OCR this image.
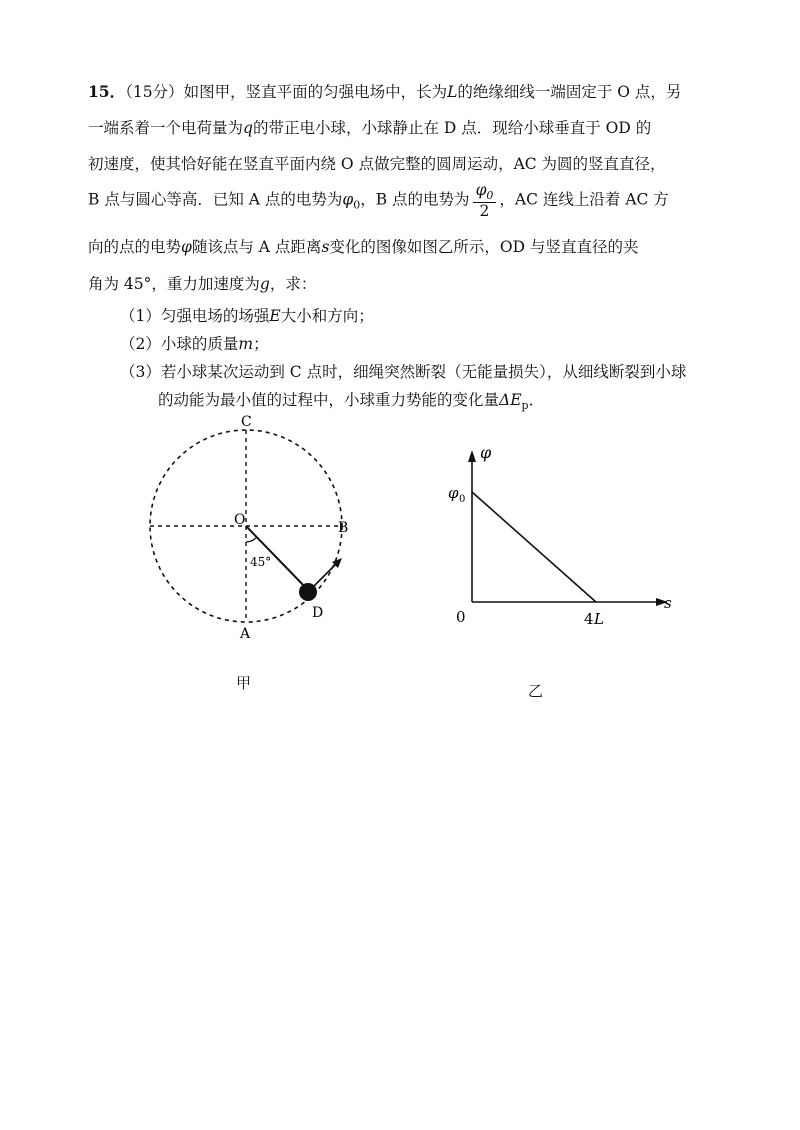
15．（15分）如图甲，竖直平面的匀强电场中，长为L的绝缘细线一端固定于 O 点，另
一端系着一个电荷量为q的带正电小球，小球静止在 D 点．现给小球垂直于 OD 的
初速度，使其恰好能在竖直平面内绕 O 点做完整的圆周运动，AC 为圆的竖直直径，
B 点与圆心等高．已知 A 点的电势为$\varphi_0$，B 点的电势为 $\frac{\varphi_0}{2}$ ，AC 连线上沿着 AC 方
向的点的电势φ随该点与 A 点距离s变化的图像如图乙所示，OD 与竖直直径的夹
角为 45°，重力加速度为g，求：
（1）匀强电场的场强E大小和方向；
（2）小球的质量m；
（3）若小球某次运动到 C 点时，细绳突然断裂（无能量损失），从细线断裂到小球
的动能为最小值的过程中，小球重力势能的变化量$\Delta E_p$．
C
O	B
A
D
45°
甲
φ
s
0
φ 0
4 L
乙
